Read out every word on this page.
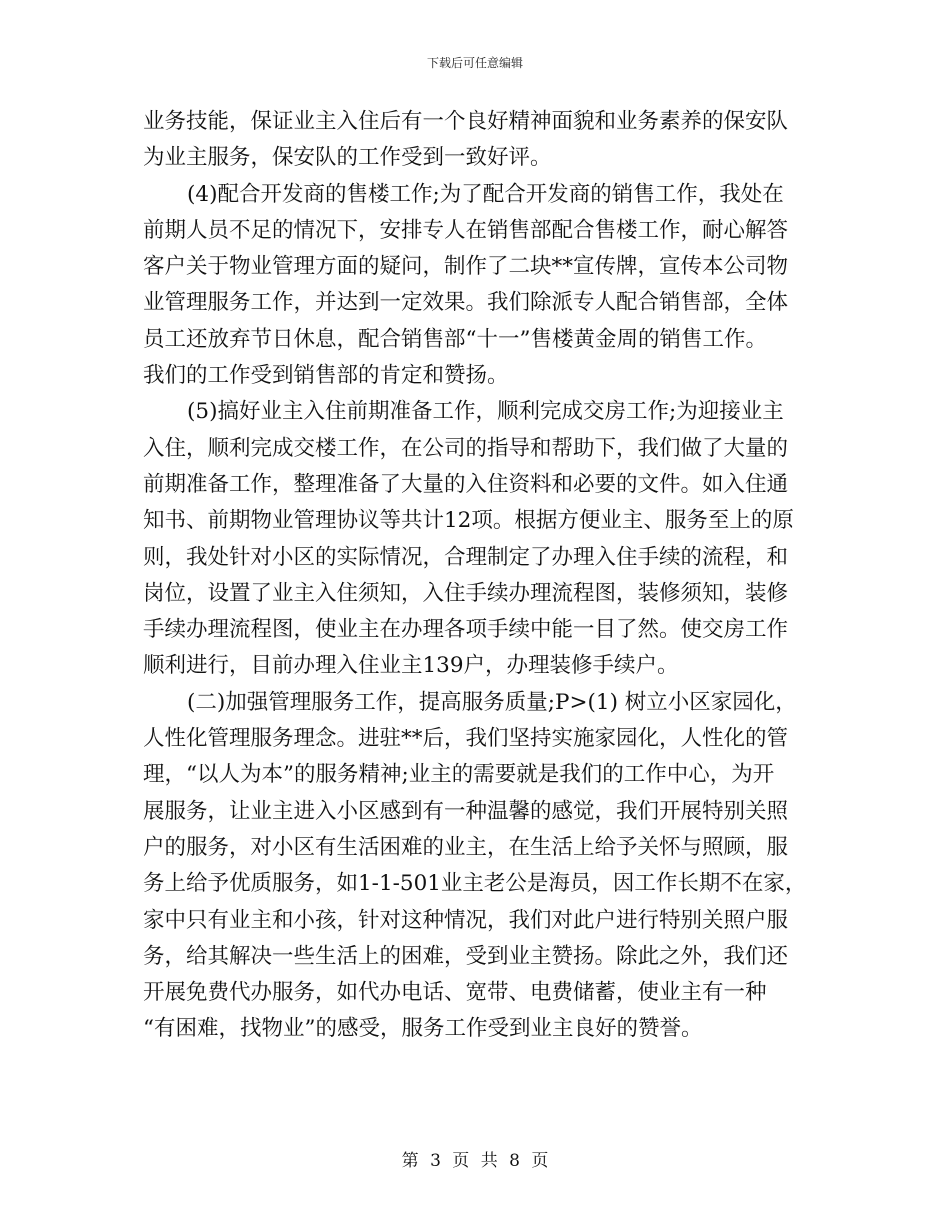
下载后可任意编辑
业务技能，保证业主入住后有一个良好精神面貌和业务素养的保安队
为业主服务，保安队的工作受到一致好评。
(4)配合开发商的售楼工作;为了配合开发商的销售工作，我处在
前期人员不足的情况下，安排专人在销售部配合售楼工作，耐心解答
客户关于物业管理方面的疑问，制作了二块**宣传牌，宣传本公司物
业管理服务工作，并达到一定效果。我们除派专人配合销售部，全体
员工还放弃节日休息，配合销售部“十一”售楼黄金周的销售工作。
我们的工作受到销售部的肯定和赞扬。
(5)搞好业主入住前期准备工作，顺利完成交房工作;为迎接业主
入住，顺利完成交楼工作，在公司的指导和帮助下，我们做了大量的
前期准备工作，整理准备了大量的入住资料和必要的文件。如入住通
知书、前期物业管理协议等共计12项。根据方便业主、服务至上的原
则，我处针对小区的实际情况，合理制定了办理入住手续的流程，和
岗位，设置了业主入住须知，入住手续办理流程图，装修须知，装修
手续办理流程图，使业主在办理各项手续中能一目了然。使交房工作
顺利进行，目前办理入住业主139户，办理装修手续户。
(二)加强管理服务工作，提高服务质量;P>(1) 树立小区家园化，
人性化管理服务理念。进驻**后，我们坚持实施家园化，人性化的管
理，“以人为本”的服务精神;业主的需要就是我们的工作中心，为开
展服务，让业主进入小区感到有一种温馨的感觉，我们开展特别关照
户的服务，对小区有生活困难的业主，在生活上给予关怀与照顾，服
务上给予优质服务，如1-1-501业主老公是海员，因工作长期不在家，
家中只有业主和小孩，针对这种情况，我们对此户进行特别关照户服
务，给其解决一些生活上的困难，受到业主赞扬。除此之外，我们还
开展免费代办服务，如代办电话、宽带、电费储蓄，使业主有一种
“有困难，找物业”的感受，服务工作受到业主良好的赞誉。
第 3 页 共 8 页
